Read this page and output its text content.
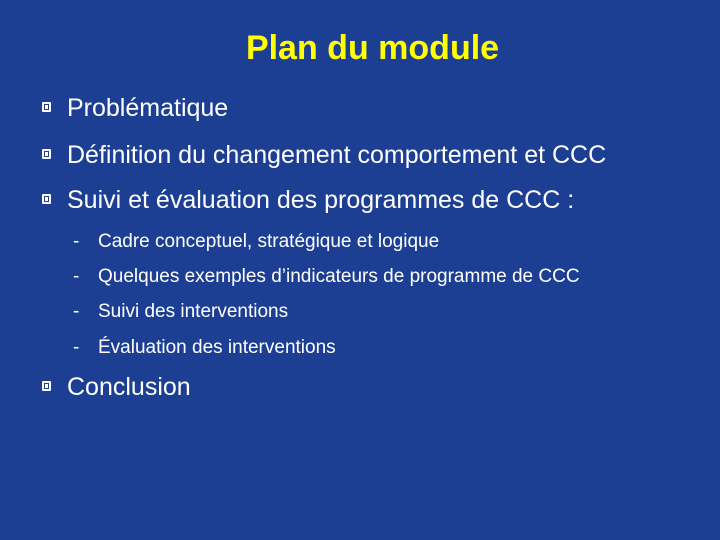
Plan du module
Problématique
Définition du changement comportement et CCC
Suivi et évaluation des programmes de CCC :
- Cadre conceptuel, stratégique et logique
- Quelques exemples d’indicateurs de programme de CCC
- Suivi des interventions
- Évaluation des interventions
Conclusion
